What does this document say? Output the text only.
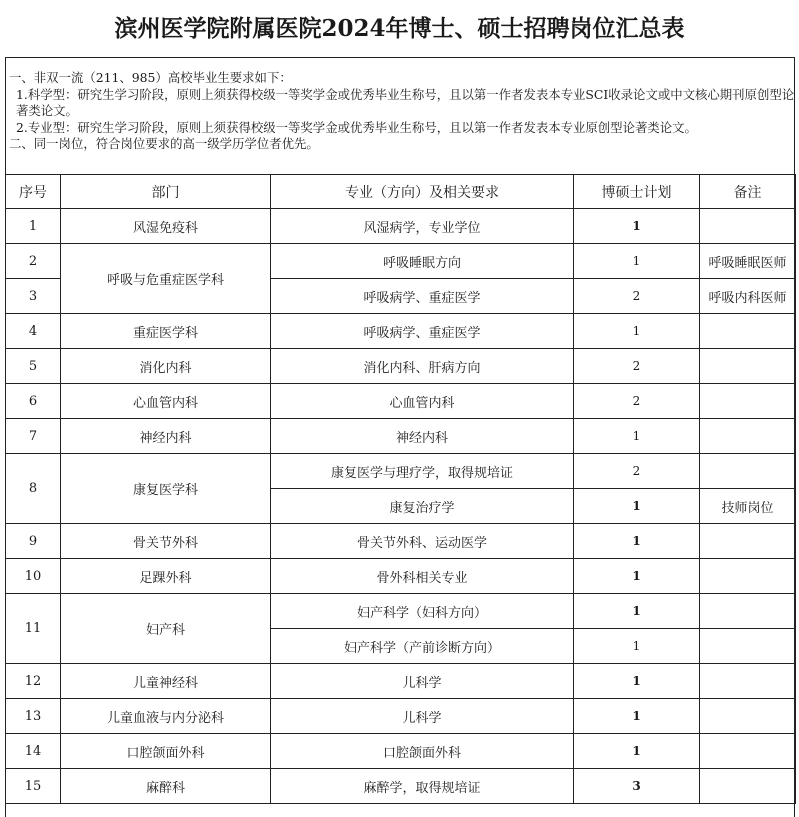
滨州医学院附属医院2024年博士、硕士招聘岗位汇总表
一、非双一流（211、985）高校毕业生要求如下：
1.科学型：研究生学习阶段，原则上须获得校级一等奖学金或优秀毕业生称号，且以第一作者发表本专业SCI收录论文或中文核心期刊原创型论著类论文。
2.专业型：研究生学习阶段，原则上须获得校级一等奖学金或优秀毕业生称号，且以第一作者发表本专业原创型论著类论文。
二、同一岗位，符合岗位要求的高一级学历学位者优先。
序号	部门	专业（方向）及相关要求	博硕士计划	备注
1	风湿免疫科	风湿病学，专业学位	1	
2	呼吸与危重症医学科	呼吸睡眠方向	1	呼吸睡眠医师
3		呼吸病学、重症医学	2	呼吸内科医师
4	重症医学科	呼吸病学、重症医学	1	
5	消化内科	消化内科、肝病方向	2	
6	心血管内科	心血管内科	2	
7	神经内科	神经内科	1	
8	康复医学科	康复医学与理疗学，取得规培证	2	
		康复治疗学	1	技师岗位
9	骨关节外科	骨关节外科、运动医学	1	
10	足踝外科	骨外科相关专业	1	
11	妇产科	妇产科学（妇科方向）	1	
		妇产科学（产前诊断方向）	1	
12	儿童神经科	儿科学	1	
13	儿童血液与内分泌科	儿科学	1	
14	口腔颌面外科	口腔颌面外科	1	
15	麻醉科	麻醉学，取得规培证	3	
